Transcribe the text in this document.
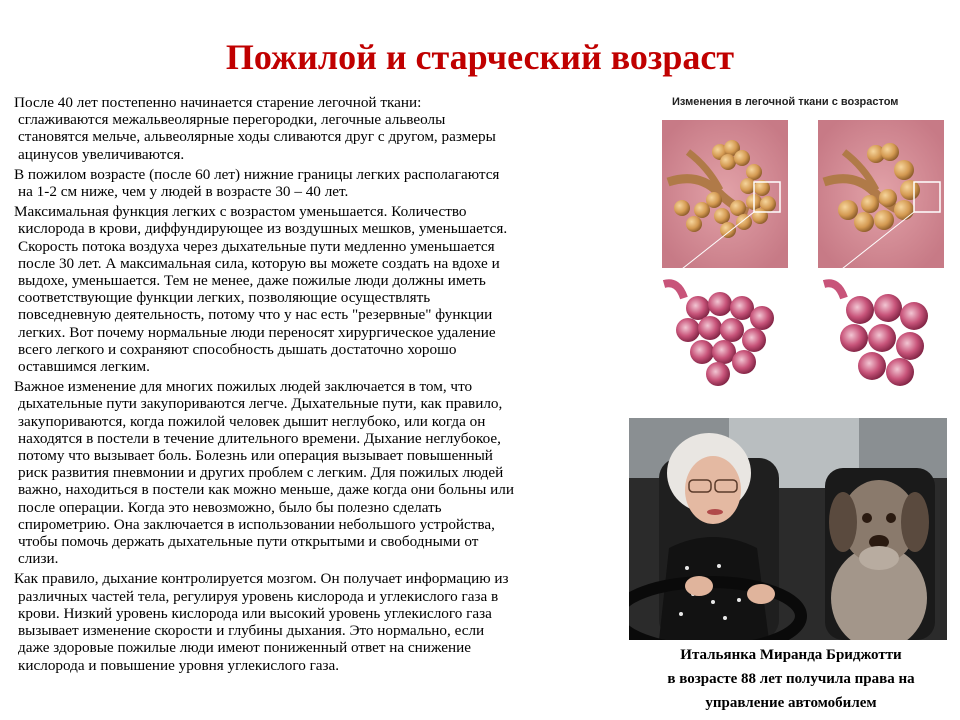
Пожилой и старческий возраст
После 40 лет постепенно начинается старение легочной ткани:
сглаживаются межальвеолярные перегородки, легочные альвеолы
становятся мельче, альвеолярные ходы сливаются друг с другом, размеры
ацинусов увеличиваются.
В пожилом возрасте (после 60 лет) нижние границы легких располагаются
на 1-2 см ниже, чем у людей в возрасте 30 – 40 лет.
Максимальная функция легких с возрастом уменьшается. Количество
кислорода в крови, диффундирующее из воздушных мешков, уменьшается.
Скорость потока воздуха через дыхательные пути медленно уменьшается
после 30 лет. А максимальная сила, которую вы можете создать на вдохе и
выдохе, уменьшается. Тем не менее, даже пожилые люди должны иметь
соответствующие функции легких, позволяющие осуществлять
повседневную деятельность, потому что у нас есть "резервные" функции
легких. Вот почему нормальные люди переносят хирургическое удаление
всего легкого и сохраняют способность дышать достаточно хорошо
оставшимся легким.
Важное изменение для многих пожилых людей заключается в том, что
дыхательные пути закупориваются легче. Дыхательные пути, как правило,
закупориваются, когда пожилой человек дышит неглубоко, или когда он
находятся в постели в течение длительного времени. Дыхание неглубокое,
потому что вызывает боль. Болезнь или операция вызывает повышенный
риск развития пневмонии и других проблем с легким. Для пожилых людей
важно, находиться в постели как можно меньше, даже когда они больны или
после операции. Когда это невозможно, было бы полезно сделать
спирометрию. Она заключается в использовании небольшого устройства,
чтобы помочь держать дыхательные пути открытыми и свободными от
слизи.
Как правило, дыхание контролируется мозгом. Он получает информацию из
различных частей тела, регулируя уровень кислорода и углекислого газа в
крови. Низкий уровень кислорода или высокий уровень углекислого газа
вызывает изменение скорости и глубины дыхания. Это нормально, если
даже здоровые пожилые люди имеют пониженный ответ на снижение
кислорода и повышение уровня углекислого газа.
Изменения в легочной ткани с возрастом
Итальянка Миранда Бриджотти
в возрасте 88 лет получила права на
управление автомобилем
